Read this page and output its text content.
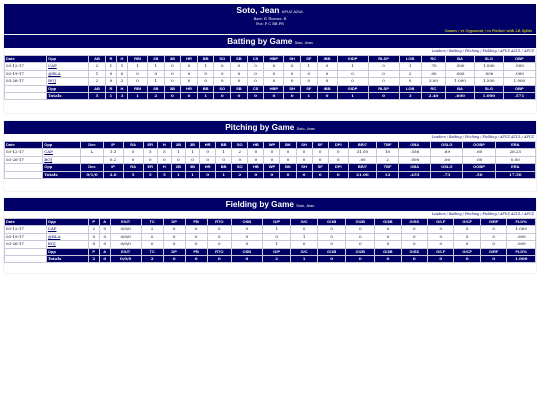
Soto, Jean APUZ AZUL
Bats: R Throws: R
Pos: P C RB PR
Games / vs Opponent / vs Pitcher with LR Splits
Batting by Game Soto, Jean
Leaders / Batting / Pitching / Fielding / APUZ AZUL / APUZ
Date	Opp	AB	R	H	RBI	2B	3B	HR	BB	SO	SB	CS	HBP	SH	SF	IBB	GIDP	RLSP	LOB	RC	BA	SLG	OBP
03-12-17	CAP	2	1	1	1	1	0	0	1	0	0	0	0	0	1	0	1	0	1	.70	.500	1.000	.500
03-19-17	@BLA	1	0	0	0	0	0	0	0	0	0	0	0	0	0	0	0	0	2	.00	.000	.000	.000
03-26-17	BOJ	2	0	2	0	1	0	0	0	0	0	0	0	0	0	0	0	0	0	3.00	1.000	1.500	1.000
	Opp	AB	R	H	RBI	2B	3B	HR	BB	SO	SB	CS	HBP	SH	SF	IBB	GIDP	RLSP	LOB	RC	BA	SLG	OBP
	Totals	5	1	3	1	2	0	0	1	0	0	0	0	0	1	0	1	0	3	2.40	.600	1.000	.571
Pitching by Game Soto, Jean
Leaders / Batting / Pitching / Fielding / APUZ AZUL / APUZ
Date	Opp	Dec	IP	RA	ER	H	2B	3B	HR	BB	SO	HB	WP	BK	SH	SF	DPI	BR/7	TBF	OBA	OSLG	OOBP	ERA
03-12-17	CAP	L	1.3	5	5	5	1	1	0	1	2	0	0	0	0	0	0	31.50	10	.556	.89	.60	26.25
03-26-17	BOJ		0.2	0	0	0	0	0	0	0	0	0	0	0	0	0	0	.00	2	.000	.00	.00	0.00
	Opp	Dec	IP	RA	ER	H	2B	3B	HR	BB	SO	HB	WP	BK	SH	SF	DPI	BR/7	TBF	OBA	OSLG	OOBP	ERA
	Totals	0/1/0	2.0	5	5	5	1	1	0	1	2	0	0	0	0	0	0	21.00	12	.455	.73	.50	17.50
Fielding by Game Soto, Jean
Leaders / Batting / Pitching / Fielding / APUZ AZUL / APUZ
Date	Opp	P	A	E/UT	TC	DP	PB	RTO	OSB	G/P	G/C	G/1B	G/2B	G/3B	G/SS	G/LF	G/CF	G/RF	FLD%
03-12-17	CAP	2	0	0/0/0	2	0	0	0	0	1	0	0	0	0	0	0	0	0	1.000
03-19-17	@BLA	0	0	0/0/0	0	0	0	0	0	0	1	0	0	0	0	0	0	0	.000
03-26-17	BOJ	0	0	0/0/0	0	0	0	0	0	1	0	0	0	0	0	0	0	0	.000
	Opp	P	A	E/UT	TC	DP	PB	RTO	OSB	G/P	G/C	G/1B	G/2B	G/3B	G/SS	G/LF	G/CF	G/RF	FLD%
	Totals	2	0	0/0/0	2	0	0	0	0	2	1	0	0	0	0	0	0	0	1.000
